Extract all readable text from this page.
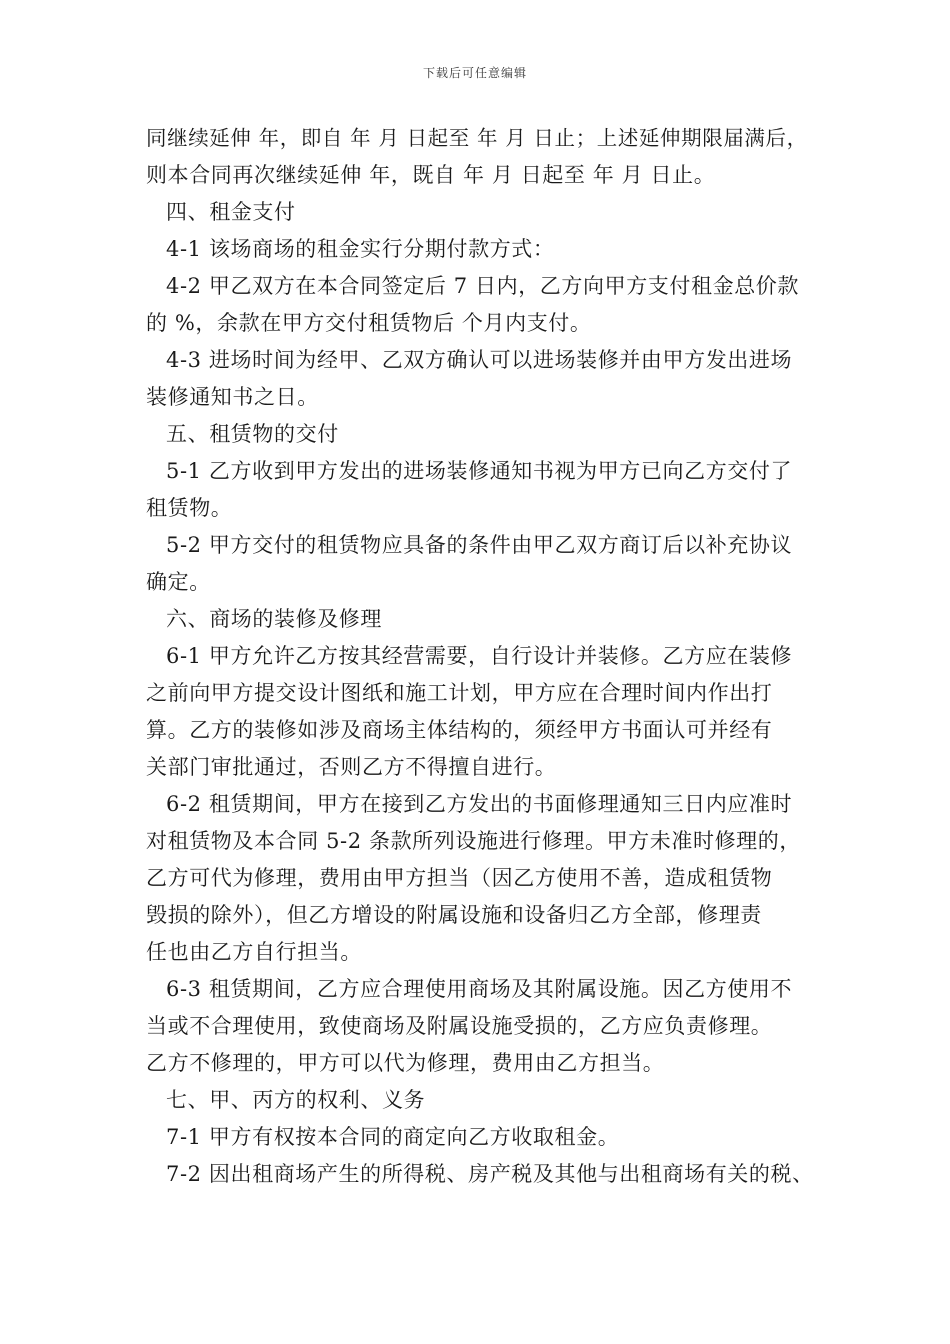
下载后可任意编辑
同继续延伸 年，即自 年 月 日起至 年 月 日止；上述延伸期限届满后，
则本合同再次继续延伸 年，既自 年 月 日起至 年 月 日止。
四、租金支付
4-1 该场商场的租金实行分期付款方式：
4-2 甲乙双方在本合同签定后 7 日内，乙方向甲方支付租金总价款
的 %，余款在甲方交付租赁物后 个月内支付。
4-3 进场时间为经甲、乙双方确认可以进场装修并由甲方发出进场
装修通知书之日。
五、租赁物的交付
5-1 乙方收到甲方发出的进场装修通知书视为甲方已向乙方交付了
租赁物。
5-2 甲方交付的租赁物应具备的条件由甲乙双方商订后以补充协议
确定。
六、商场的装修及修理
6-1 甲方允许乙方按其经营需要，自行设计并装修。乙方应在装修
之前向甲方提交设计图纸和施工计划，甲方应在合理时间内作出打
算。乙方的装修如涉及商场主体结构的，须经甲方书面认可并经有
关部门审批通过，否则乙方不得擅自进行。
6-2 租赁期间，甲方在接到乙方发出的书面修理通知三日内应准时
对租赁物及本合同 5-2 条款所列设施进行修理。甲方未准时修理的，
乙方可代为修理，费用由甲方担当（因乙方使用不善，造成租赁物
毁损的除外），但乙方增设的附属设施和设备归乙方全部，修理责
任也由乙方自行担当。
6-3 租赁期间，乙方应合理使用商场及其附属设施。因乙方使用不
当或不合理使用，致使商场及附属设施受损的，乙方应负责修理。
乙方不修理的，甲方可以代为修理，费用由乙方担当。
七、甲、丙方的权利、义务
7-1 甲方有权按本合同的商定向乙方收取租金。
7-2 因出租商场产生的所得税、房产税及其他与出租商场有关的税、
